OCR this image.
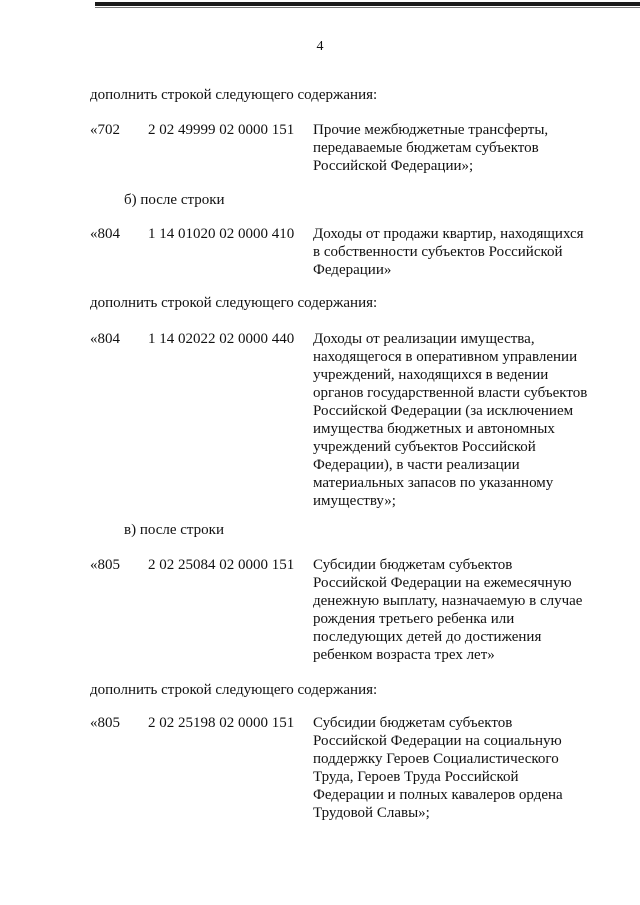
4
дополнить строкой следующего содержания:
«702 2 02 49999 02 0000 151 Прочие межбюджетные трансферты,
передаваемые бюджетам субъектов
Российской Федерации»;
б) после строки
«804 1 14 01020 02 0000 410 Доходы от продажи квартир, находящихся
в собственности субъектов Российской
Федерации»
дополнить строкой следующего содержания:
«804 1 14 02022 02 0000 440 Доходы от реализации имущества,
находящегося в оперативном управлении
учреждений, находящихся в ведении
органов государственной власти субъектов
Российской Федерации (за исключением
имущества бюджетных и автономных
учреждений субъектов Российской
Федерации), в части реализации
материальных запасов по указанному
имуществу»;
в) после строки
«805 2 02 25084 02 0000 151 Субсидии бюджетам субъектов
Российской Федерации на ежемесячную
денежную выплату, назначаемую в случае
рождения третьего ребенка или
последующих детей до достижения
ребенком возраста трех лет»
дополнить строкой следующего содержания:
«805 2 02 25198 02 0000 151 Субсидии бюджетам субъектов
Российской Федерации на социальную
поддержку Героев Социалистического
Труда, Героев Труда Российской
Федерации и полных кавалеров ордена
Трудовой Славы»;
